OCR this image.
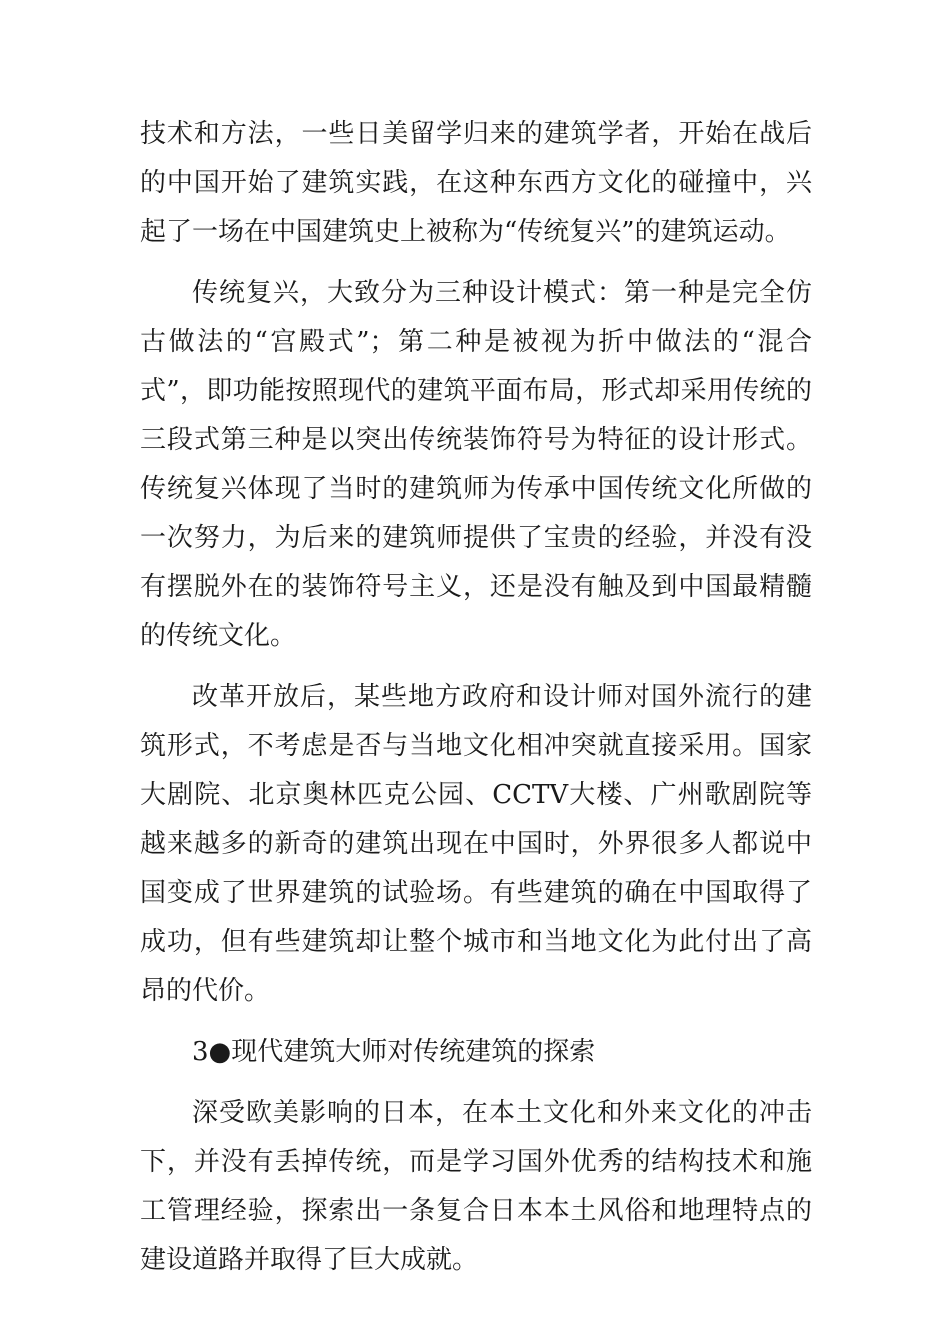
技术和方法，一些日美留学归来的建筑学者，开始在战后的中国开始了建筑实践，在这种东西方文化的碰撞中，兴起了一场在中国建筑史上被称为“传统复兴”的建筑运动。

传统复兴，大致分为三种设计模式：第一种是完全仿古做法的“宫殿式”；第二种是被视为折中做法的“混合式”，即功能按照现代的建筑平面布局，形式却采用传统的三段式第三种是以突出传统装饰符号为特征的设计形式。传统复兴体现了当时的建筑师为传承中国传统文化所做的一次努力，为后来的建筑师提供了宝贵的经验，并没有没有摆脱外在的装饰符号主义，还是没有触及到中国最精髓的传统文化。

改革开放后，某些地方政府和设计师对国外流行的建筑形式，不考虑是否与当地文化相冲突就直接采用。国家大剧院、北京奥林匹克公园、CCTV大楼、广州歌剧院等越来越多的新奇的建筑出现在中国时，外界很多人都说中国变成了世界建筑的试验场。有些建筑的确在中国取得了成功，但有些建筑却让整个城市和当地文化为此付出了高昂的代价。

3●现代建筑大师对传统建筑的探索

深受欧美影响的日本，在本土文化和外来文化的冲击下，并没有丢掉传统，而是学习国外优秀的结构技术和施工管理经验，探索出一条复合日本本土风俗和地理特点的建设道路并取得了巨大成就。
